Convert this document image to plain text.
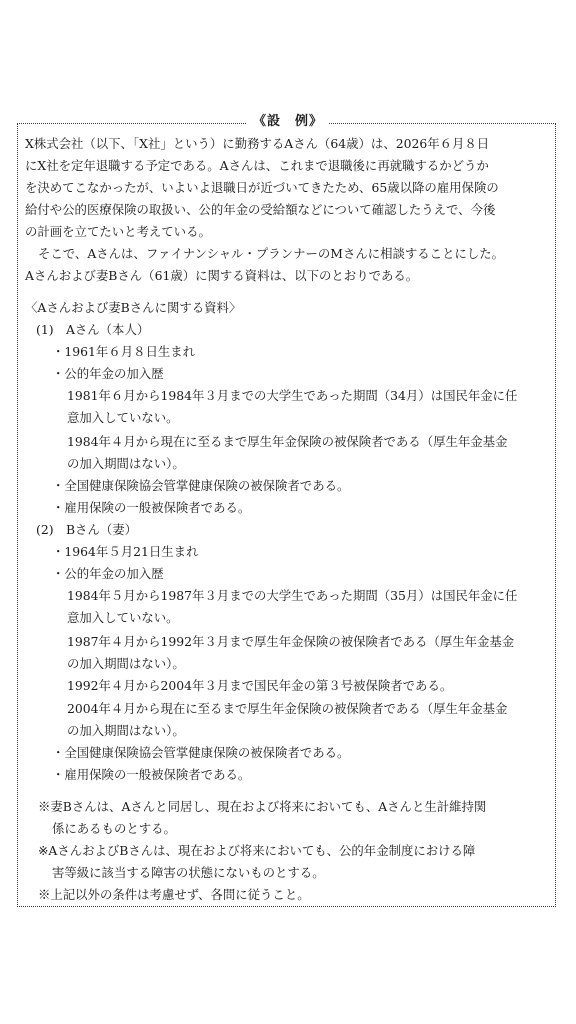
《設　例》
X株式会社（以下、「X社」という）に勤務するAさん（64歳）は、2026年６月８日
にX社を定年退職する予定である。Aさんは、これまで退職後に再就職するかどうか
を決めてこなかったが、いよいよ退職日が近づいてきたため、65歳以降の雇用保険の
給付や公的医療保険の取扱い、公的年金の受給額などについて確認したうえで、今後
の計画を立てたいと考えている。
そこで、Aさんは、ファイナンシャル・プランナーのMさんに相談することにした。
Aさんおよび妻Bさん（61歳）に関する資料は、以下のとおりである。
〈Aさんおよび妻Bさんに関する資料〉
(1)　Aさん（本人）
・1961年６月８日生まれ
・公的年金の加入歴
1981年６月から1984年３月までの大学生であった期間（34月）は国民年金に任
意加入していない。
1984年４月から現在に至るまで厚生年金保険の被保険者である（厚生年金基金
の加入期間はない）。
・全国健康保険協会管掌健康保険の被保険者である。
・雇用保険の一般被保険者である。
(2)　Bさん（妻）
・1964年５月21日生まれ
・公的年金の加入歴
1984年５月から1987年３月までの大学生であった期間（35月）は国民年金に任
意加入していない。
1987年４月から1992年３月まで厚生年金保険の被保険者である（厚生年金基金
の加入期間はない）。
1992年４月から2004年３月まで国民年金の第３号被保険者である。
2004年４月から現在に至るまで厚生年金保険の被保険者である（厚生年金基金
の加入期間はない）。
・全国健康保険協会管掌健康保険の被保険者である。
・雇用保険の一般被保険者である。
※妻Bさんは、Aさんと同居し、現在および将来においても、Aさんと生計維持関
係にあるものとする。
※AさんおよびBさんは、現在および将来においても、公的年金制度における障
害等級に該当する障害の状態にないものとする。
※上記以外の条件は考慮せず、各問に従うこと。
